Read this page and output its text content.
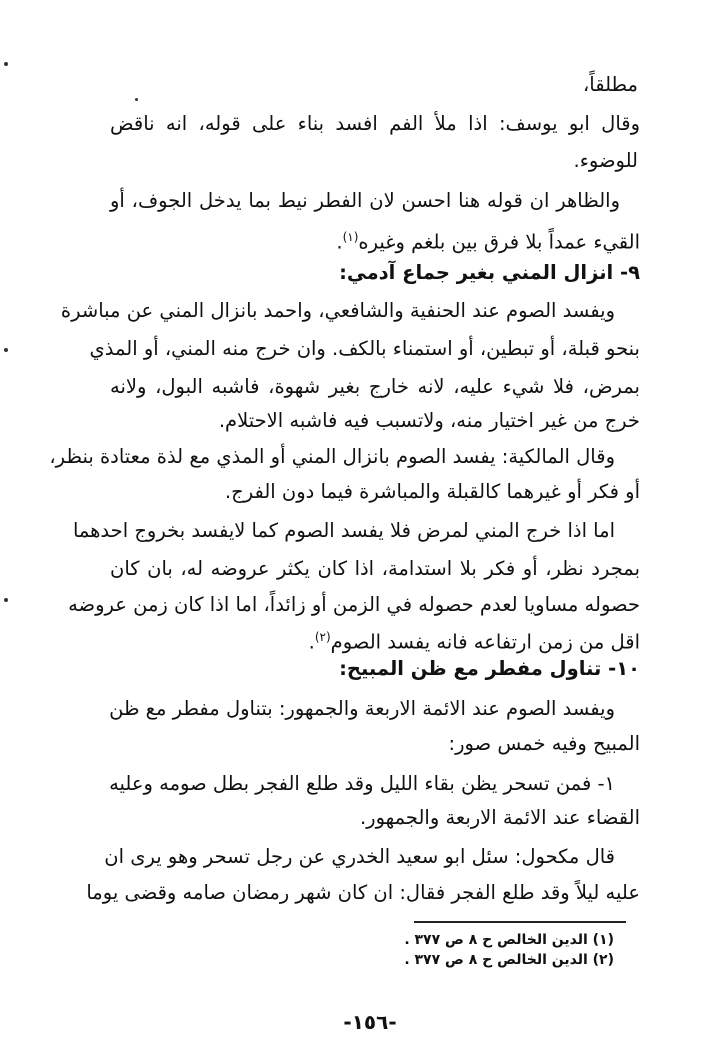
مطلقاً،
وقال ابو يوسف: اذا ملأ الفم افسد بناء على قوله، انه ناقض
للوضوء.
والظاهر ان قوله هنا احسن لان الفطر نيط بما يدخل الجوف، أو
القيء عمداً بلا فرق بين بلغم وغيره$^{(١)}$.
٩- انزال المني بغير جماع آدمي:
ويفسد الصوم عند الحنفية والشافعي، واحمد بانزال المني عن مباشرة
بنحو قبلة، أو تبطين، أو استمناء بالكف. وان خرج منه المني، أو المذي
بمرض، فلا شيء عليه، لانه خارج بغير شهوة، فاشبه البول، ولانه
خرج من غير اختيار منه، ولاتسبب فيه فاشبه الاحتلام.
وقال المالكية: يفسد الصوم بانزال المني أو المذي مع لذة معتادة بنظر،
أو فكر أو غيرهما كالقبلة والمباشرة فيما دون الفرج.
اما اذا خرج المني لمرض فلا يفسد الصوم كما لايفسد بخروج احدهما
بمجرد نظر، أو فكر بلا استدامة، اذا كان يكثر عروضه له، بان كان
حصوله مساويا لعدم حصوله في الزمن أو زائداً، اما اذا كان زمن عروضه
اقل من زمن ارتفاعه فانه يفسد الصوم$^{(٢)}$.
١٠- تناول مفطر مع ظن المبيح:
ويفسد الصوم عند الائمة الاربعة والجمهور: بتناول مفطر مع ظن
المبيح وفيه خمس صور:
١- فمن تسحر يظن بقاء الليل وقد طلع الفجر بطل صومه وعليه
القضاء عند الائمة الاربعة والجمهور.
قال مكحول: سئل ابو سعيد الخدري عن رجل تسحر وهو يرى ان
عليه ليلاً وقد طلع الفجر فقال: ان كان شهر رمضان صامه وقضى يوما
(١) الدين الخالص ح ٨ ص ٣٧٧ .
(٢) الدين الخالص ح ٨ ص ٣٧٧ .
-١٥٦-
